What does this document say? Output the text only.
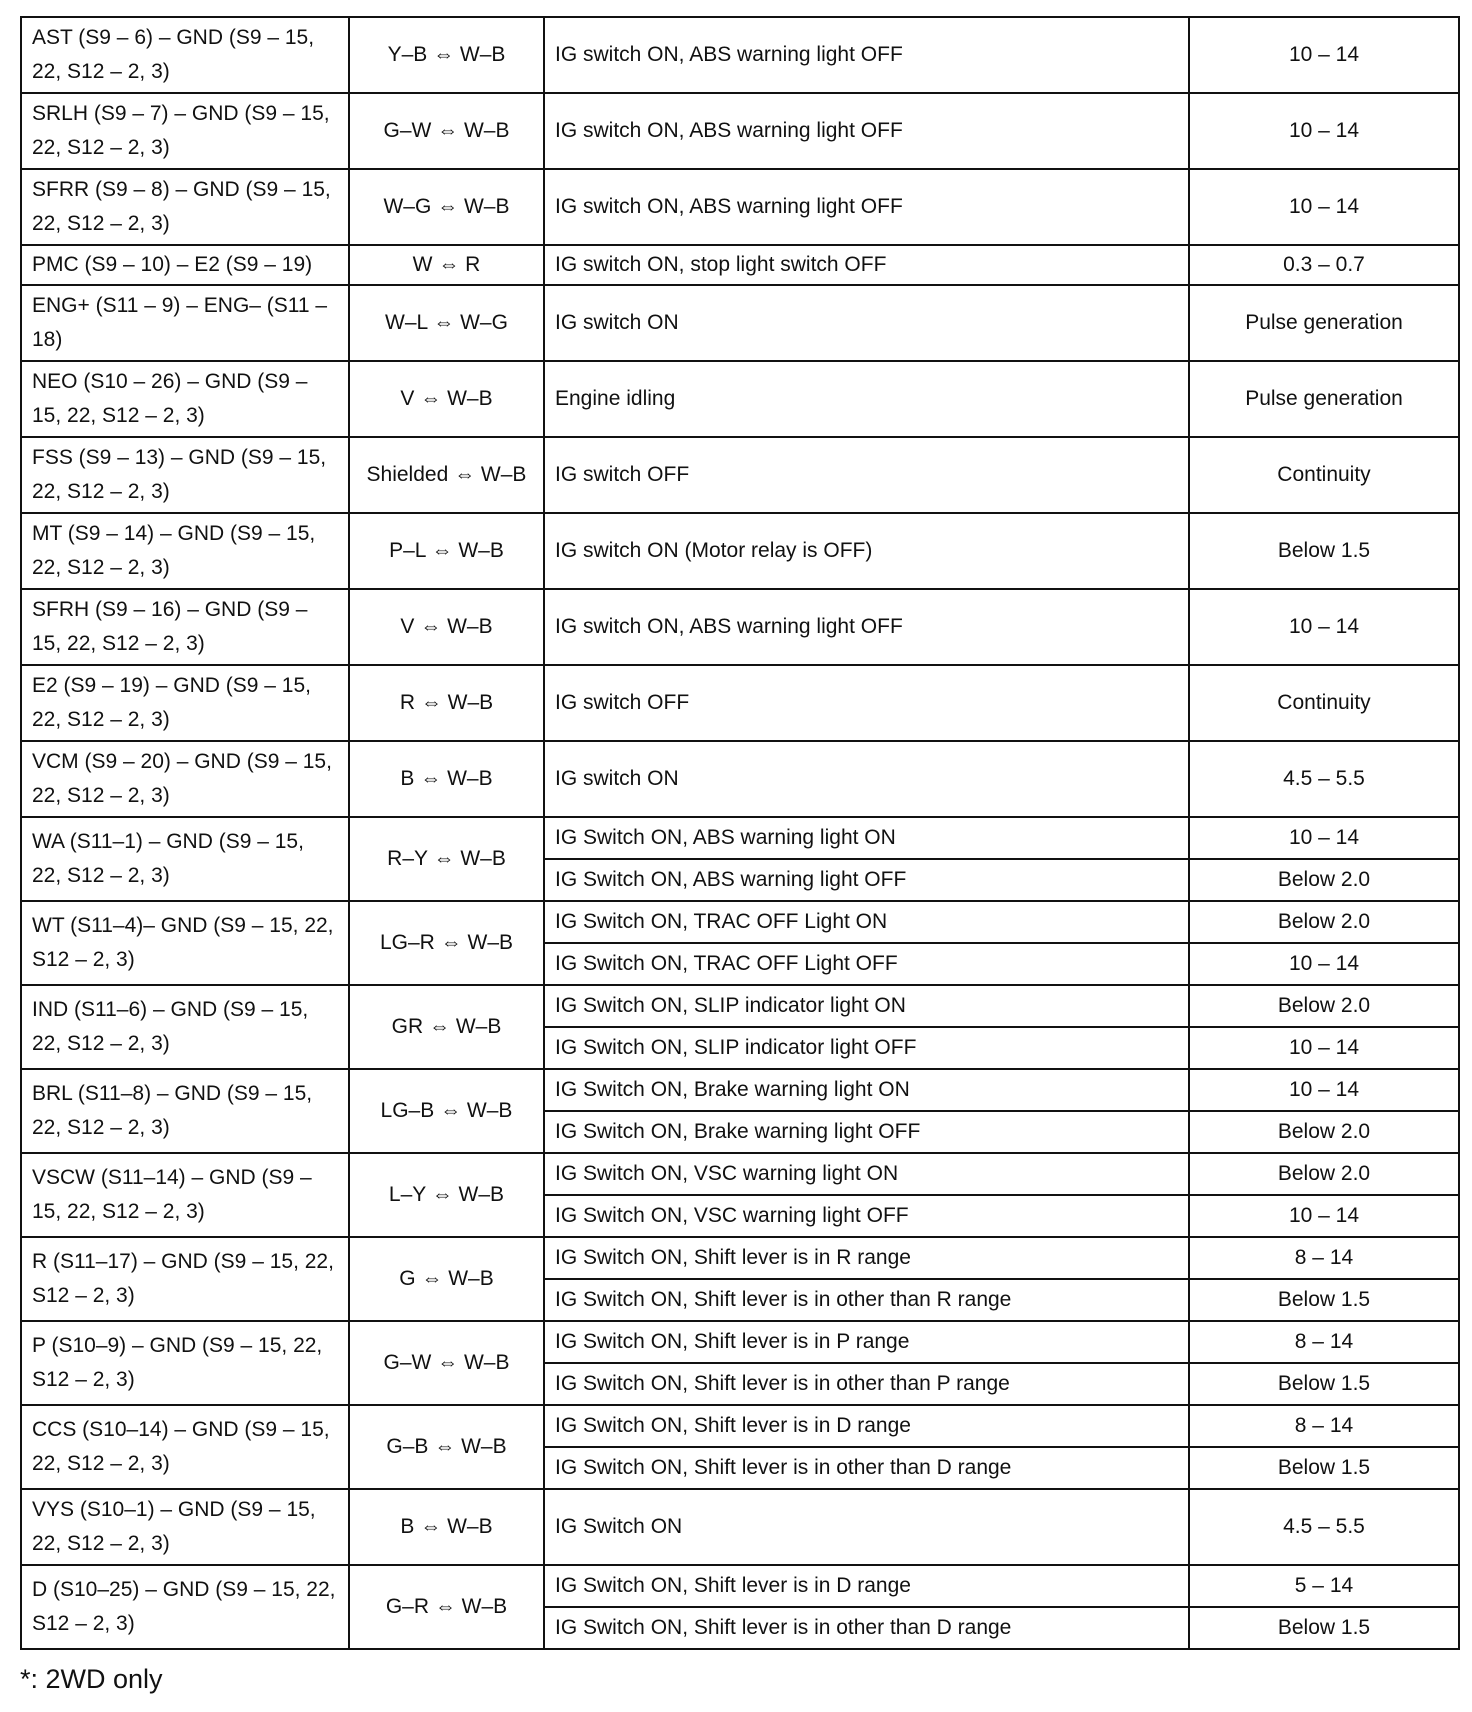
AST (S9 – 6) – GND (S9 – 15, 22, S12 – 2, 3)	Y–B ⇔ W–B	IG switch ON, ABS warning light OFF	10 – 14
SRLH (S9 – 7) – GND (S9 – 15, 22, S12 – 2, 3)	G–W ⇔ W–B	IG switch ON, ABS warning light OFF	10 – 14
SFRR (S9 – 8) – GND (S9 – 15, 22, S12 – 2, 3)	W–G ⇔ W–B	IG switch ON, ABS warning light OFF	10 – 14
PMC (S9 – 10) – E2 (S9 – 19)	W ⇔ R	IG switch ON, stop light switch OFF	0.3 – 0.7
ENG+ (S11 – 9) – ENG– (S11 – 18)	W–L ⇔ W–G	IG switch ON	Pulse generation
NEO (S10 – 26) – GND (S9 – 15, 22, S12 – 2, 3)	V ⇔ W–B	Engine idling	Pulse generation
FSS (S9 – 13) – GND (S9 – 15, 22, S12 – 2, 3)	Shielded ⇔ W–B	IG switch OFF	Continuity
MT (S9 – 14) – GND (S9 – 15, 22, S12 – 2, 3)	P–L ⇔ W–B	IG switch ON (Motor relay is OFF)	Below 1.5
SFRH (S9 – 16) – GND (S9 – 15, 22, S12 – 2, 3)	V ⇔ W–B	IG switch ON, ABS warning light OFF	10 – 14
E2 (S9 – 19) – GND (S9 – 15, 22, S12 – 2, 3)	R ⇔ W–B	IG switch OFF	Continuity
VCM (S9 – 20) – GND (S9 – 15, 22, S12 – 2, 3)	B ⇔ W–B	IG switch ON	4.5 – 5.5
WA (S11–1) – GND (S9 – 15, 22, S12 – 2, 3)	R–Y ⇔ W–B	IG Switch ON, ABS warning light ON	10 – 14
		IG Switch ON, ABS warning light OFF	Below 2.0
WT (S11–4)– GND (S9 – 15, 22, S12 – 2, 3)	LG–R ⇔ W–B	IG Switch ON, TRAC OFF Light ON	Below 2.0
		IG Switch ON, TRAC OFF Light OFF	10 – 14
IND (S11–6) – GND (S9 – 15, 22, S12 – 2, 3)	GR ⇔ W–B	IG Switch ON, SLIP indicator light ON	Below 2.0
		IG Switch ON, SLIP indicator light OFF	10 – 14
BRL (S11–8) – GND (S9 – 15, 22, S12 – 2, 3)	LG–B ⇔ W–B	IG Switch ON, Brake warning light ON	10 – 14
		IG Switch ON, Brake warning light OFF	Below 2.0
VSCW (S11–14) – GND (S9 – 15, 22, S12 – 2, 3)	L–Y ⇔ W–B	IG Switch ON, VSC warning light ON	Below 2.0
		IG Switch ON, VSC warning light OFF	10 – 14
R (S11–17) – GND (S9 – 15, 22, S12 – 2, 3)	G ⇔ W–B	IG Switch ON, Shift lever is in R range	8 – 14
		IG Switch ON, Shift lever is in other than R range	Below 1.5
P (S10–9) – GND (S9 – 15, 22, S12 – 2, 3)	G–W ⇔ W–B	IG Switch ON, Shift lever is in P range	8 – 14
		IG Switch ON, Shift lever is in other than P range	Below 1.5
CCS (S10–14) – GND (S9 – 15, 22, S12 – 2, 3)	G–B ⇔ W–B	IG Switch ON, Shift lever is in D range	8 – 14
		IG Switch ON, Shift lever is in other than D range	Below 1.5
VYS (S10–1) – GND (S9 – 15, 22, S12 – 2, 3)	B ⇔ W–B	IG Switch ON	4.5 – 5.5
D (S10–25) – GND (S9 – 15, 22, S12 – 2, 3)	G–R ⇔ W–B	IG Switch ON, Shift lever is in D range	5 – 14
		IG Switch ON, Shift lever is in other than D range	Below 1.5
*: 2WD only
